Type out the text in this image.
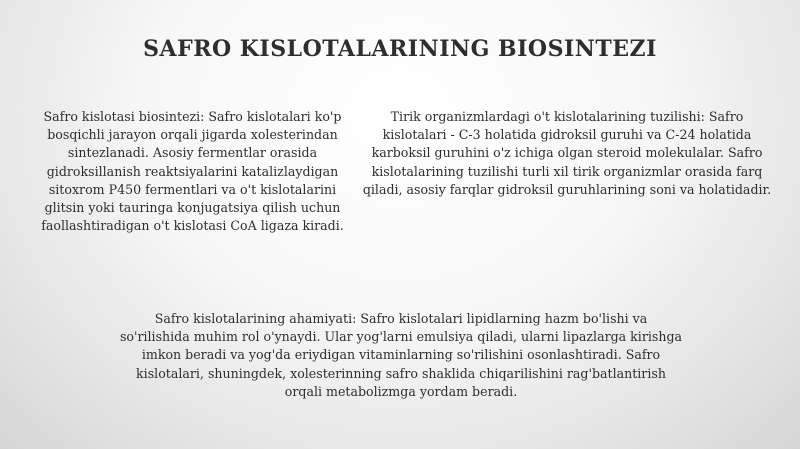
SAFRO KISLOTALARINING BIOSINTEZI
Safro kislotasi biosintezi: Safro kislotalari ko'p bosqichli jarayon orqali jigarda xolesterindan sintezlanadi. Asosiy fermentlar orasida gidroksillanish reaktsiyalarini katalizlaydigan sitoxrom P450 fermentlari va o't kislotalarini glitsin yoki tauringa konjugatsiya qilish uchun faollashtiradigan o't kislotasi CoA ligaza kiradi.
Tirik organizmlardagi o't kislotalarining tuzilishi: Safro kislotalari - C-3 holatida gidroksil guruhi va C-24 holatida karboksil guruhini o'z ichiga olgan steroid molekulalar. Safro kislotalarining tuzilishi turli xil tirik organizmlar orasida farq qiladi, asosiy farqlar gidroksil guruhlarining soni va holatidadir.
Safro kislotalarining ahamiyati: Safro kislotalari lipidlarning hazm bo'lishi va so'rilishida muhim rol o'ynaydi. Ular yog'larni emulsiya qiladi, ularni lipazlarga kirishga imkon beradi va yog'da eriydigan vitaminlarning so'rilishini osonlashtiradi. Safro kislotalari, shuningdek, xolesterinning safro shaklida chiqarilishini rag'batlantirish orqali metabolizmga yordam beradi.
